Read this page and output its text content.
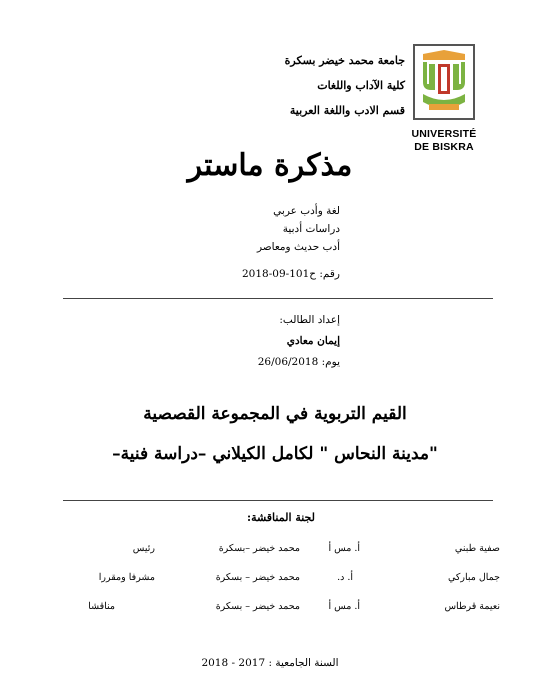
جامعة محمد خيضر بسكرة
كلية الآداب واللغات
قسم الادب واللغة العربية
UNIVERSITÉ
DE BISKRA
مذكرة ماستر
لغة وأدب عربي
دراسات أدبية
أدب حديث ومعاصر
رقم: ح101-09-2018
إعداد الطالب:
إيمان معادي
يوم: 26/06/2018
القيم التربوية في المجموعة القصصية
"مدينة النحاس " لكامل الكيلاني –دراسة فنية–
لجنة المناقشة:
صفية طبني
أ. مس أ
محمد خيضر –بسكرة
رئيس
جمال مباركي
أ. د.
محمد خيضر – بسكرة
مشرفا ومقررا
نعيمة قرطاس
أ. مس أ
محمد خيضر – بسكرة
مناقشا
السنة الجامعية : 2017 - 2018
